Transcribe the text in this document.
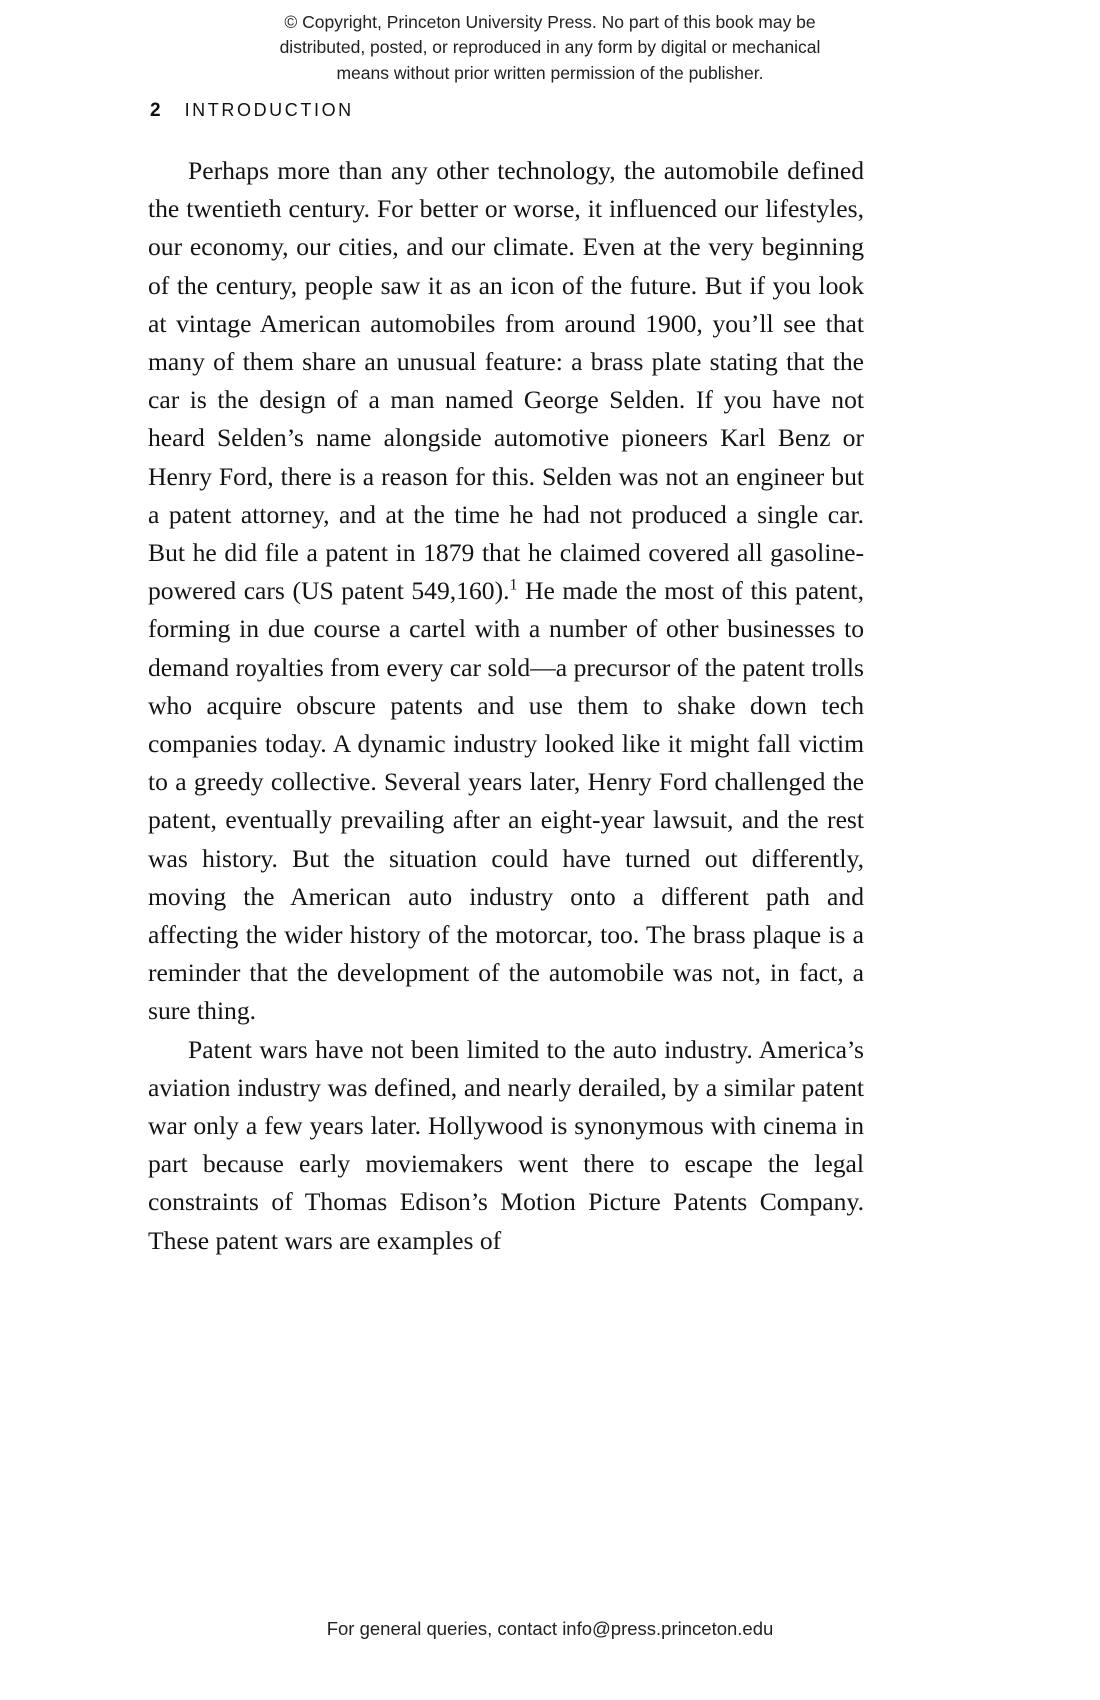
© Copyright, Princeton University Press. No part of this book may be
distributed, posted, or reproduced in any form by digital or mechanical
means without prior written permission of the publisher.
2 INTRODUCTION

Perhaps more than any other technology, the automobile defined the twentieth century. For better or worse, it influenced our lifestyles, our economy, our cities, and our climate. Even at the very beginning of the century, people saw it as an icon of the future. But if you look at vintage American automobiles from around 1900, you’ll see that many of them share an unusual feature: a brass plate stating that the car is the design of a man named George Selden. If you have not heard Selden’s name alongside automotive pioneers Karl Benz or Henry Ford, there is a reason for this. Selden was not an engineer but a patent attorney, and at the time he had not produced a single car. But he did file a patent in 1879 that he claimed covered all gasoline-powered cars (US patent 549,160).$^1$ He made the most of this patent, forming in due course a cartel with a number of other businesses to demand royalties from every car sold—a precursor of the patent trolls who acquire obscure patents and use them to shake down tech companies today. A dynamic industry looked like it might fall victim to a greedy collective. Several years later, Henry Ford challenged the patent, eventually prevailing after an eight-year lawsuit, and the rest was history. But the situation could have turned out differently, moving the American auto industry onto a different path and affecting the wider history of the motorcar, too. The brass plaque is a reminder that the development of the automobile was not, in fact, a sure thing.

Patent wars have not been limited to the auto industry. America’s aviation industry was defined, and nearly derailed, by a similar patent war only a few years later. Hollywood is synonymous with cinema in part because early moviemakers went there to escape the legal constraints of Thomas Edison’s Motion Picture Patents Company. These patent wars are examples of

For general queries, contact info@press.princeton.edu
